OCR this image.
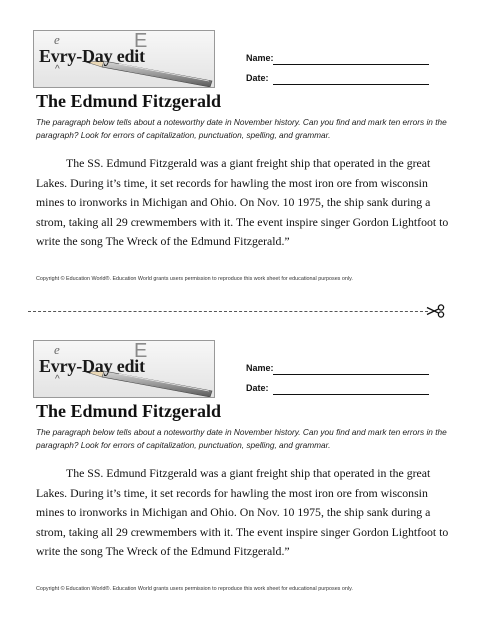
e	E
Evry-Day edit
^
Name:
Date:
The Edmund Fitzgerald

The paragraph below tells about a noteworthy date in November history. Can you find and mark ten errors in the paragraph? Look for errors of capitalization, punctuation, spelling, and grammar.

The SS. Edmund Fitzgerald was a giant freight ship that operated in the great Lakes. During it’s time, it set records for hawling the most iron ore from wisconsin mines to ironworks in Michigan and Ohio. On Nov. 10 1975, the ship sank during a strom, taking all 29 crewmembers with it. The event inspire singer Gordon Lightfoot to write the song The Wreck of the Edmund Fitzgerald.”

Copyright © Education World®. Education World grants users permission to reproduce this work sheet for educational purposes only.

e	E
Evry-Day edit
^
Name:
Date:
The Edmund Fitzgerald

The paragraph below tells about a noteworthy date in November history. Can you find and mark ten errors in the paragraph? Look for errors of capitalization, punctuation, spelling, and grammar.

The SS. Edmund Fitzgerald was a giant freight ship that operated in the great Lakes. During it’s time, it set records for hawling the most iron ore from wisconsin mines to ironworks in Michigan and Ohio. On Nov. 10 1975, the ship sank during a strom, taking all 29 crewmembers with it. The event inspire singer Gordon Lightfoot to write the song The Wreck of the Edmund Fitzgerald.”

Copyright © Education World®. Education World grants users permission to reproduce this work sheet for educational purposes only.
